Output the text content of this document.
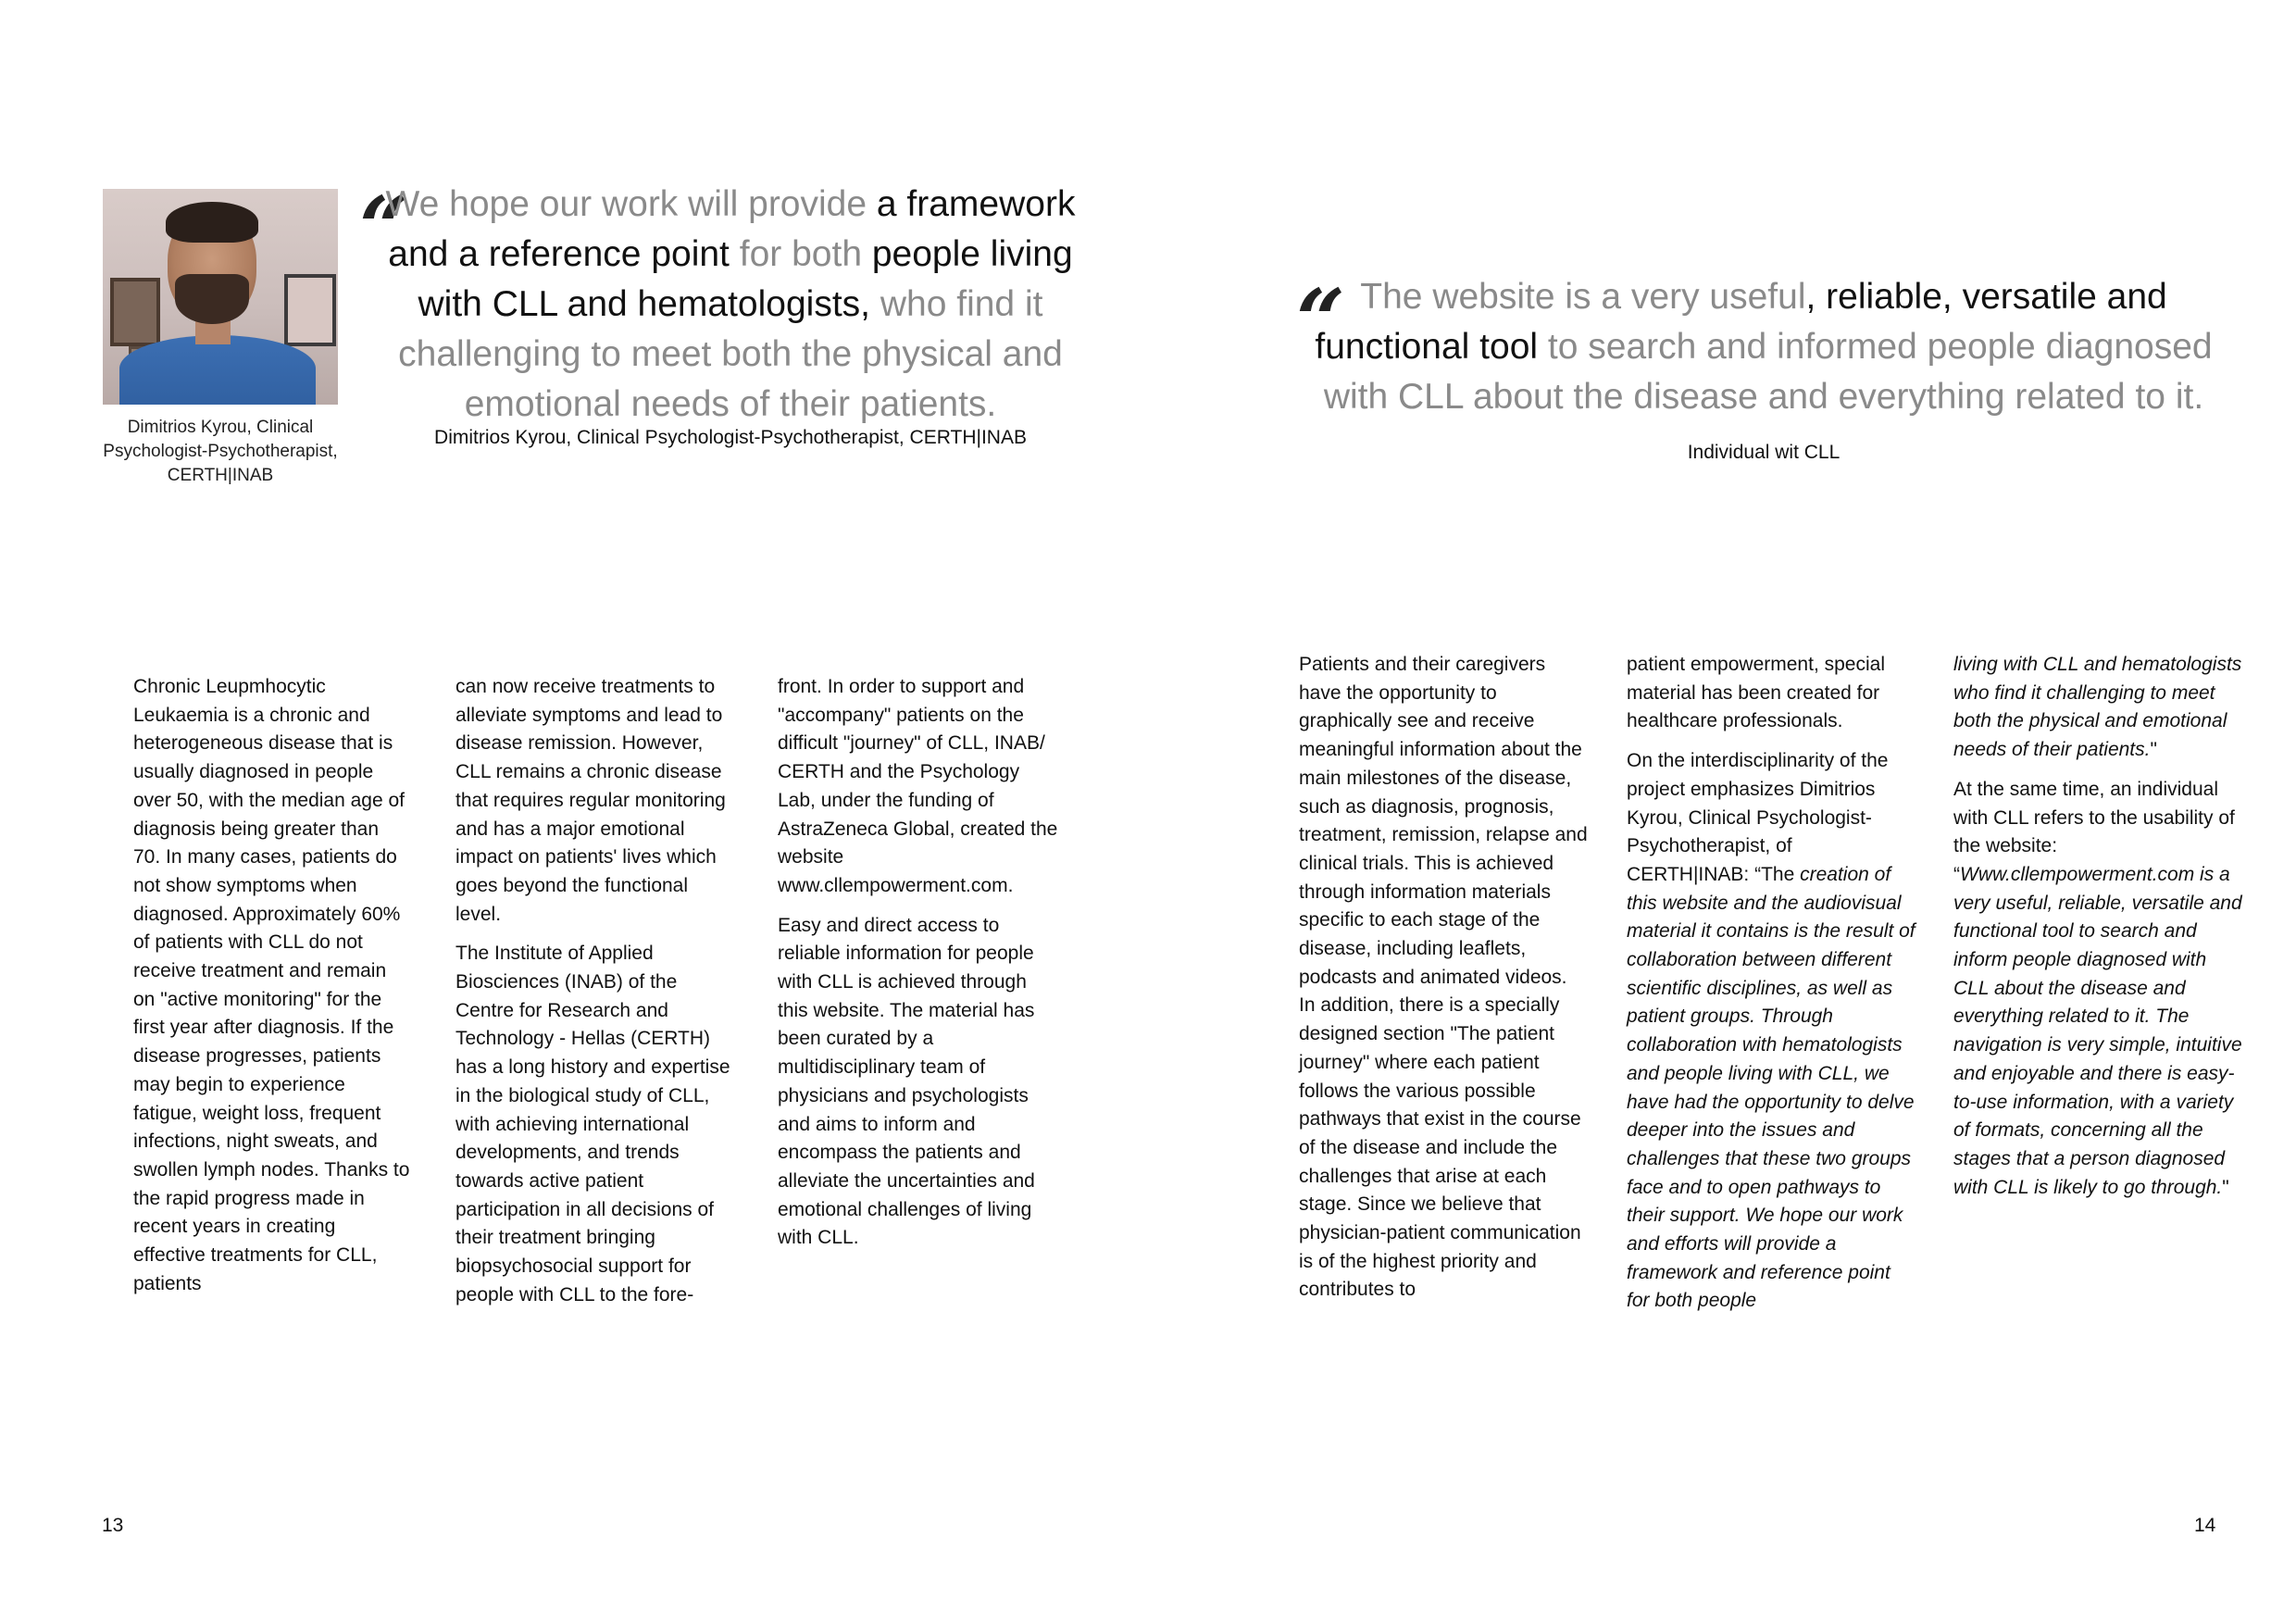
Dimitrios Kyrou, Clinical Psychologist-Psychotherapist, CERTH|INAB
“
We hope our work will provide a framework and a reference point for both people living with CLL and hematologists, who find it challenging to meet both the physical and emotional needs of their patients.
Dimitrios Kyrou, Clinical Psychologist-Psychotherapist, CERTH|INAB

Chronic Leupmhocytic Leukaemia is a chronic and heterogeneous disease that is usually diagnosed in people over 50, with the median age of diagnosis being greater than 70. In many cases, patients do not show symptoms when diagnosed. Approximately 60% of patients with CLL do not receive treatment and remain on "active monitoring" for the first year after diagnosis. If the disease progresses, patients may begin to experience fatigue, weight loss, frequent infections, night sweats, and swollen lymph nodes. Thanks to the rapid progress made in recent years in creating effective treatments for CLL, patients

can now receive treatments to alleviate symptoms and lead to disease remission. However, CLL remains a chronic disease that requires regular monitoring and has a major emotional impact on patients' lives which goes beyond the functional level.

The Institute of Applied Biosciences (INAB) of the Centre for Research and Technology - Hellas (CERTH) has a long history and expertise in the biological study of CLL, with achieving international developments, and trends towards active patient participation in all decisions of their treatment bringing biopsychosocial support for people with CLL to the fore-

front. In order to support and "accompany" patients on the difficult "journey" of CLL, INAB/ CERTH and the Psychology Lab, under the funding of AstraZeneca Global, created the website www.cllempowerment.com.

Easy and direct access to reliable information for people with CLL is achieved through this website. The material has been curated by a multidisciplinary team of physicians and psychologists and aims to inform and encompass the patients and alleviate the uncertainties and emotional challenges of living with CLL.

13
“ The website is a very useful, reliable, versatile and functional tool to search and informed people diagnosed with CLL about the disease and everything related to it. Individual wit CLL

Patients and their caregivers have the opportunity to graphically see and receive meaningful information about the main milestones of the disease, such as diagnosis, prognosis, treatment, remission, relapse and clinical trials. This is achieved through information materials specific to each stage of the disease, including leaflets, podcasts and animated videos. In addition, there is a specially designed section "The patient journey" where each patient follows the various possible pathways that exist in the course of the disease and include the challenges that arise at each stage. Since we believe that physician-patient communication is of the highest priority and contributes to

patient empowerment, special material has been created for healthcare professionals.

On the interdisciplinarity of the project emphasizes Dimitrios Kyrou, Clinical Psychologist-Psychotherapist, of CERTH|INAB: “The creation of this website and the audiovisual material it contains is the result of collaboration between different scientific disciplines, as well as patient groups. Through collaboration with hematologists and people living with CLL, we have had the opportunity to delve deeper into the issues and challenges that these two groups face and to open pathways to their support. We hope our work and efforts will provide a framework and reference point for both people

living with CLL and hematologists who find it challenging to meet both the physical and emotional needs of their patients."

At the same time, an individual with CLL refers to the usability of the website: “Www.cllempowerment.com is a very useful, reliable, versatile and functional tool to search and inform people diagnosed with CLL about the disease and everything related to it. The navigation is very simple, intuitive and enjoyable and there is easy-to-use information, with a variety of formats, concerning all the stages that a person diagnosed with CLL is likely to go through."

14
